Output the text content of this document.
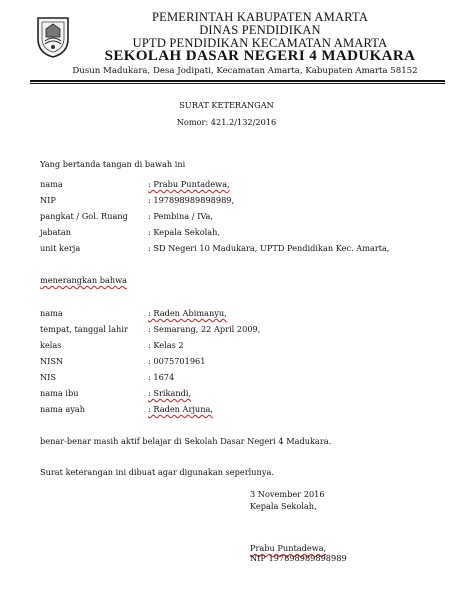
PEMERINTAH KABUPATEN AMARTA
DINAS PENDIDIKAN
UPTD PENDIDIKAN KECAMATAN AMARTA
SEKOLAH DASAR NEGERI 4 MADUKARA
Dusun Madukara, Desa Jodipati, Kecamatan Amarta, Kabupaten Amarta 58152
SURAT KETERANGAN
Nomor: 421.2/132/2016
Yang bertanda tangan di bawah ini
nama	: Prabu Puntadewa,
NIP	: 197898989898989,
pangkat / Gol. Ruang : Pembina / IVa,
jabatan	: Kepala Sekolah,
unit kerja	: SD Negeri 10 Madukara, UPTD Pendidikan Kec. Amarta,
menerangkan bahwa
nama	: Raden Abimanyu,
tempat, tanggal lahir : Semarang, 22 April 2009,
kelas	: Kelas 2
NISN	: 0075701961
NIS	: 1674
nama ibu	: Srikandi,
nama ayah	: Raden Arjuna,
benar-benar masih aktif belajar di Sekolah Dasar Negeri 4 Madukara.
Surat keterangan ini dibuat agar digunakan seperlunya.
3 November 2016
Kepala Sekolah,
Prabu Puntadewa,
NIP 197898989898989
